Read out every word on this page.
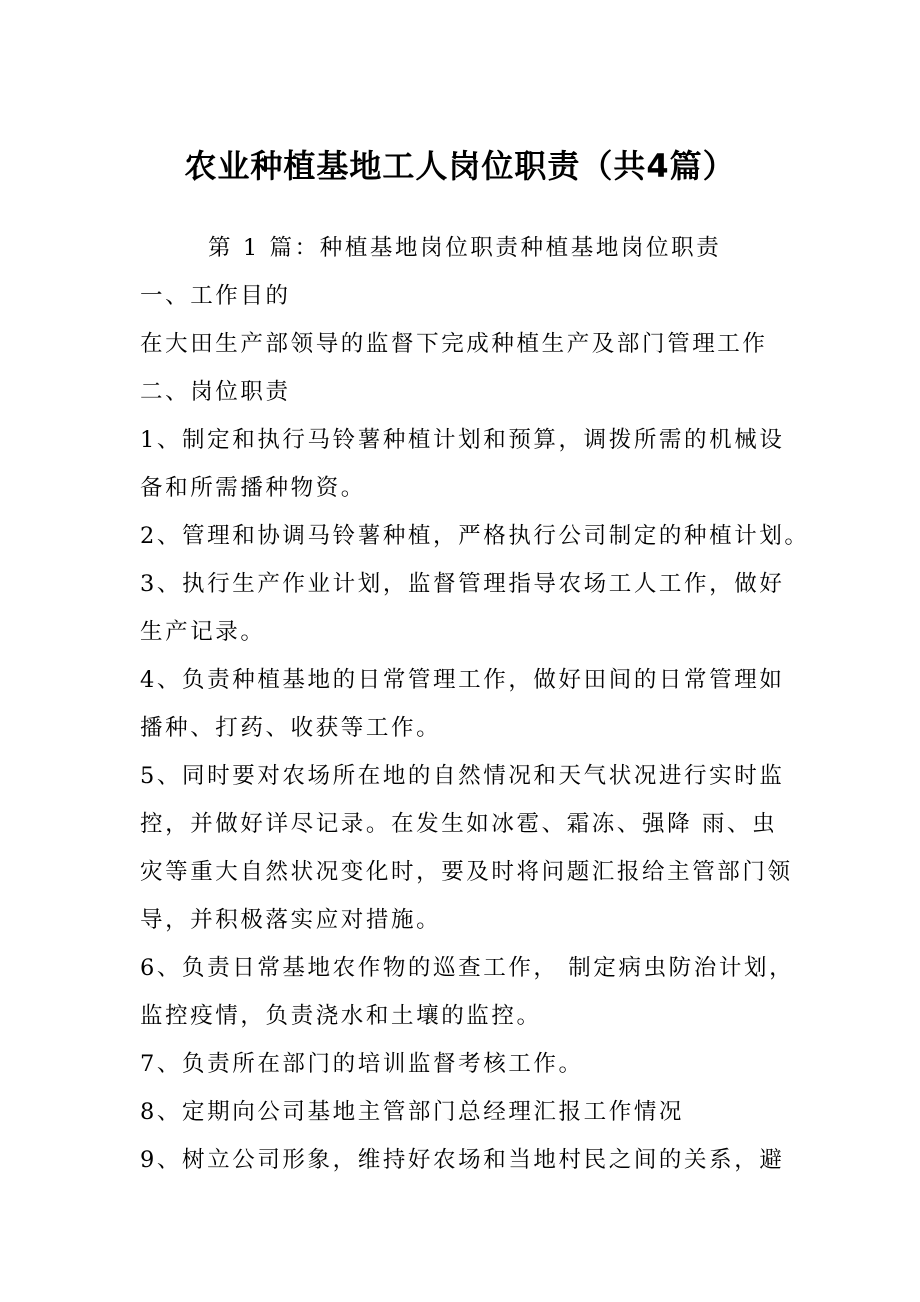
农业种植基地工人岗位职责（共4篇）
第 1 篇：种植基地岗位职责种植基地岗位职责
一、工作目的
在大田生产部领导的监督下完成种植生产及部门管理工作
二、岗位职责
1、制定和执行马铃薯种植计划和预算，调拨所需的机械设
备和所需播种物资。
2、管理和协调马铃薯种植，严格执行公司制定的种植计划。
3、执行生产作业计划，监督管理指导农场工人工作，做好
生产记录。
4、负责种植基地的日常管理工作，做好田间的日常管理如
播种、打药、收获等工作。
5、同时要对农场所在地的自然情况和天气状况进行实时监
控，并做好详尽记录。在发生如冰雹、霜冻、强降 雨、虫
灾等重大自然状况变化时，要及时将问题汇报给主管部门领
导，并积极落实应对措施。
6、负责日常基地农作物的巡查工作， 制定病虫防治计划，
监控疫情，负责浇水和土壤的监控。
7、负责所在部门的培训监督考核工作。
8、定期向公司基地主管部门总经理汇报工作情况
9、树立公司形象，维持好农场和当地村民之间的关系，避
